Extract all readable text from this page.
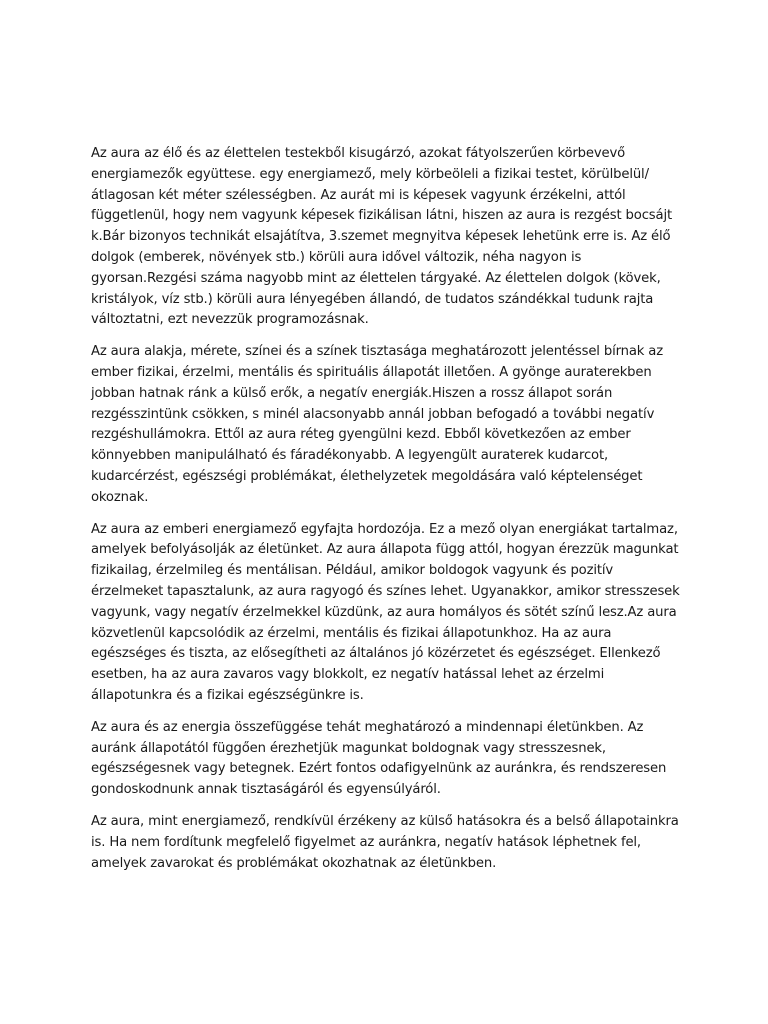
Az aura az élő és az élettelen testekből kisugárzó, azokat fátyolszerűen körbevevő energiamezők együttese. egy energiamező, mely körbeöleli a fizikai testet, körülbelül/átlagosan két méter szélességben. Az aurát mi is képesek vagyunk érzékelni, attól függetlenül, hogy nem vagyunk képesek fizikálisan látni, hiszen az aura is rezgést bocsájt k.Bár bizonyos technikát elsajátítva, 3.szemet megnyitva képesek lehetünk erre is. Az élő dolgok (emberek, növények stb.) körüli aura idővel változik, néha nagyon is gyorsan.Rezgési száma nagyobb mint az élettelen tárgyaké. Az élettelen dolgok (kövek, kristályok, víz stb.) körüli aura lényegében állandó, de tudatos szándékkal tudunk rajta változtatni, ezt nevezzük programozásnak.

Az aura alakja, mérete, színei és a színek tisztasága meghatározott jelentéssel bírnak az ember fizikai, érzelmi, mentális és spirituális állapotát illetően. A gyönge auraterekben jobban hatnak ránk a külső erők, a negatív energiák.Hiszen a rossz állapot során rezgésszintünk csökken, s minél alacsonyabb annál jobban befogadó a további negatív rezgéshullámokra. Ettől az aura réteg gyengülni kezd. Ebből következően az ember könnyebben manipulálható és fáradékonyabb. A legyengült auraterek kudarcot, kudarcérzést, egészségi problémákat, élethelyzetek megoldására való képtelenséget okoznak.

Az aura az emberi energiamező egyfajta hordozója. Ez a mező olyan energiákat tartalmaz, amelyek befolyásolják az életünket. Az aura állapota függ attól, hogyan érezzük magunkat fizikailag, érzelmileg és mentálisan. Például, amikor boldogok vagyunk és pozitív érzelmeket tapasztalunk, az aura ragyogó és színes lehet. Ugyanakkor, amikor stresszesek vagyunk, vagy negatív érzelmekkel küzdünk, az aura homályos és sötét színű lesz.Az aura közvetlenül kapcsolódik az érzelmi, mentális és fizikai állapotunkhoz. Ha az aura egészséges és tiszta, az elősegítheti az általános jó közérzetet és egészséget. Ellenkező esetben, ha az aura zavaros vagy blokkolt, ez negatív hatással lehet az érzelmi állapotunkra és a fizikai egészségünkre is.

Az aura és az energia összefüggése tehát meghatározó a mindennapi életünkben. Az auránk állapotától függően érezhetjük magunkat boldognak vagy stresszesnek, egészségesnek vagy betegnek. Ezért fontos odafigyelnünk az auránkra, és rendszeresen gondoskodnunk annak tisztaságáról és egyensúlyáról.

Az aura, mint energiamező, rendkívül érzékeny az külső hatásokra és a belső állapotainkra is. Ha nem fordítunk megfelelő figyelmet az auránkra, negatív hatások léphetnek fel, amelyek zavarokat és problémákat okozhatnak az életünkben.
